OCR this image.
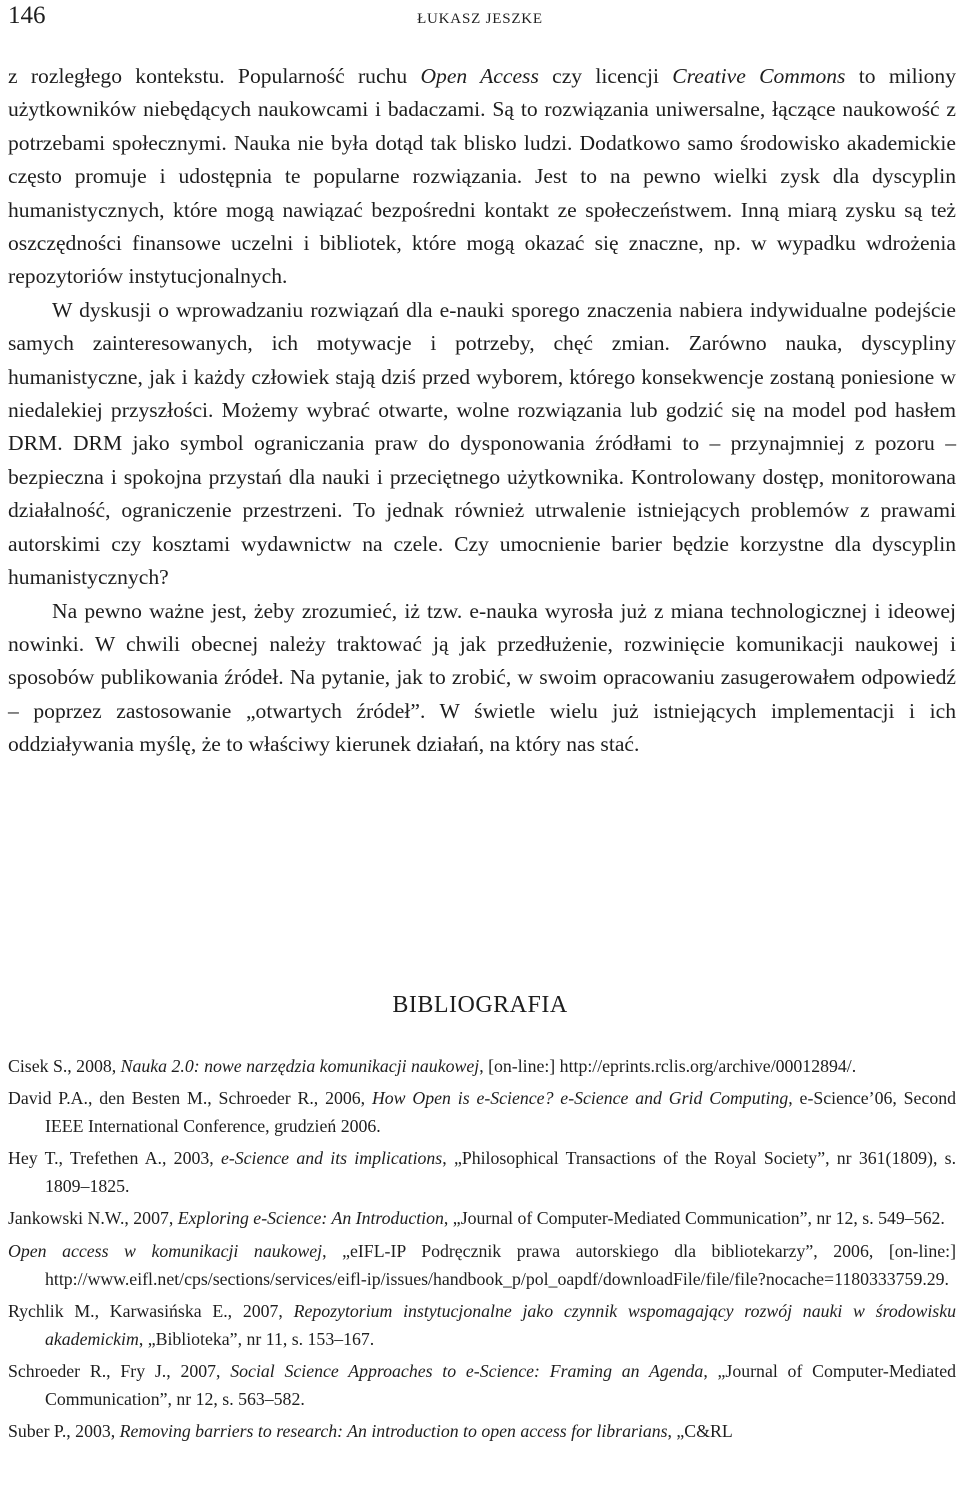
146	ŁUKASZ JESZKE

z rozległego kontekstu. Popularność ruchu Open Access czy licencji Creative Commons to miliony użytkowników niebędących naukowcami i badaczami. Są to rozwiązania uniwersalne, łączące naukowość z potrzebami społecznymi. Nauka nie była dotąd tak blisko ludzi. Dodatkowo samo środowisko akademickie często promuje i udostępnia te popularne rozwiązania. Jest to na pewno wielki zysk dla dyscyplin humanistycznych, które mogą nawiązać bezpośredni kontakt ze społeczeństwem. Inną miarą zysku są też oszczędności finansowe uczelni i bibliotek, które mogą okazać się znaczne, np. w wypadku wdrożenia repozytoriów instytucjonalnych.

W dyskusji o wprowadzaniu rozwiązań dla e-nauki sporego znaczenia nabiera indywidualne podejście samych zainteresowanych, ich motywacje i potrzeby, chęć zmian. Zarówno nauka, dyscypliny humanistyczne, jak i każdy człowiek stają dziś przed wyborem, którego konsekwencje zostaną poniesione w niedalekiej przyszłości. Możemy wybrać otwarte, wolne rozwiązania lub godzić się na model pod hasłem DRM. DRM jako symbol ograniczania praw do dysponowania źródłami to – przynajmniej z pozoru – bezpieczna i spokojna przystań dla nauki i przeciętnego użytkownika. Kontrolowany dostęp, monitorowana działalność, ograniczenie przestrzeni. To jednak również utrwalenie istniejących problemów z prawami autorskimi czy kosztami wydawnictw na czele. Czy umocnienie barier będzie korzystne dla dyscyplin humanistycznych?

Na pewno ważne jest, żeby zrozumieć, iż tzw. e-nauka wyrosła już z miana technologicznej i ideowej nowinki. W chwili obecnej należy traktować ją jak przedłużenie, rozwinięcie komunikacji naukowej i sposobów publikowania źródeł. Na pytanie, jak to zrobić, w swoim opracowaniu zasugerowałem odpowiedź – poprzez zastosowanie „otwartych źródeł”. W świetle wielu już istniejących implementacji i ich oddziaływania myślę, że to właściwy kierunek działań, na który nas stać.

BIBLIOGRAFIA

Cisek S., 2008, Nauka 2.0: nowe narzędzia komunikacji naukowej, [on-line:] http://eprints.rclis.org/archive/00012894/.

David P.A., den Besten M., Schroeder R., 2006, How Open is e-Science? e-Science and Grid Computing, e-Science’06, Second IEEE International Conference, grudzień 2006.

Hey T., Trefethen A., 2003, e-Science and its implications, „Philosophical Transactions of the Royal Society”, nr 361(1809), s. 1809–1825.

Jankowski N.W., 2007, Exploring e-Science: An Introduction, „Journal of Computer-Mediated Communication”, nr 12, s. 549–562.

Open access w komunikacji naukowej, „eIFL-IP Podręcznik prawa autorskiego dla bibliotekarzy”, 2006, [on-line:] http://www.eifl.net/cps/sections/services/eifl-ip/issues/handbook_p/pol_oapdf/downloadFile/file/file?nocache=1180333759.29.

Rychlik M., Karwasińska E., 2007, Repozytorium instytucjonalne jako czynnik wspomagający rozwój nauki w środowisku akademickim, „Biblioteka”, nr 11, s. 153–167.

Schroeder R., Fry J., 2007, Social Science Approaches to e-Science: Framing an Agenda, „Journal of Computer-Mediated Communication”, nr 12, s. 563–582.

Suber P., 2003, Removing barriers to research: An introduction to open access for librarians, „C&RL
